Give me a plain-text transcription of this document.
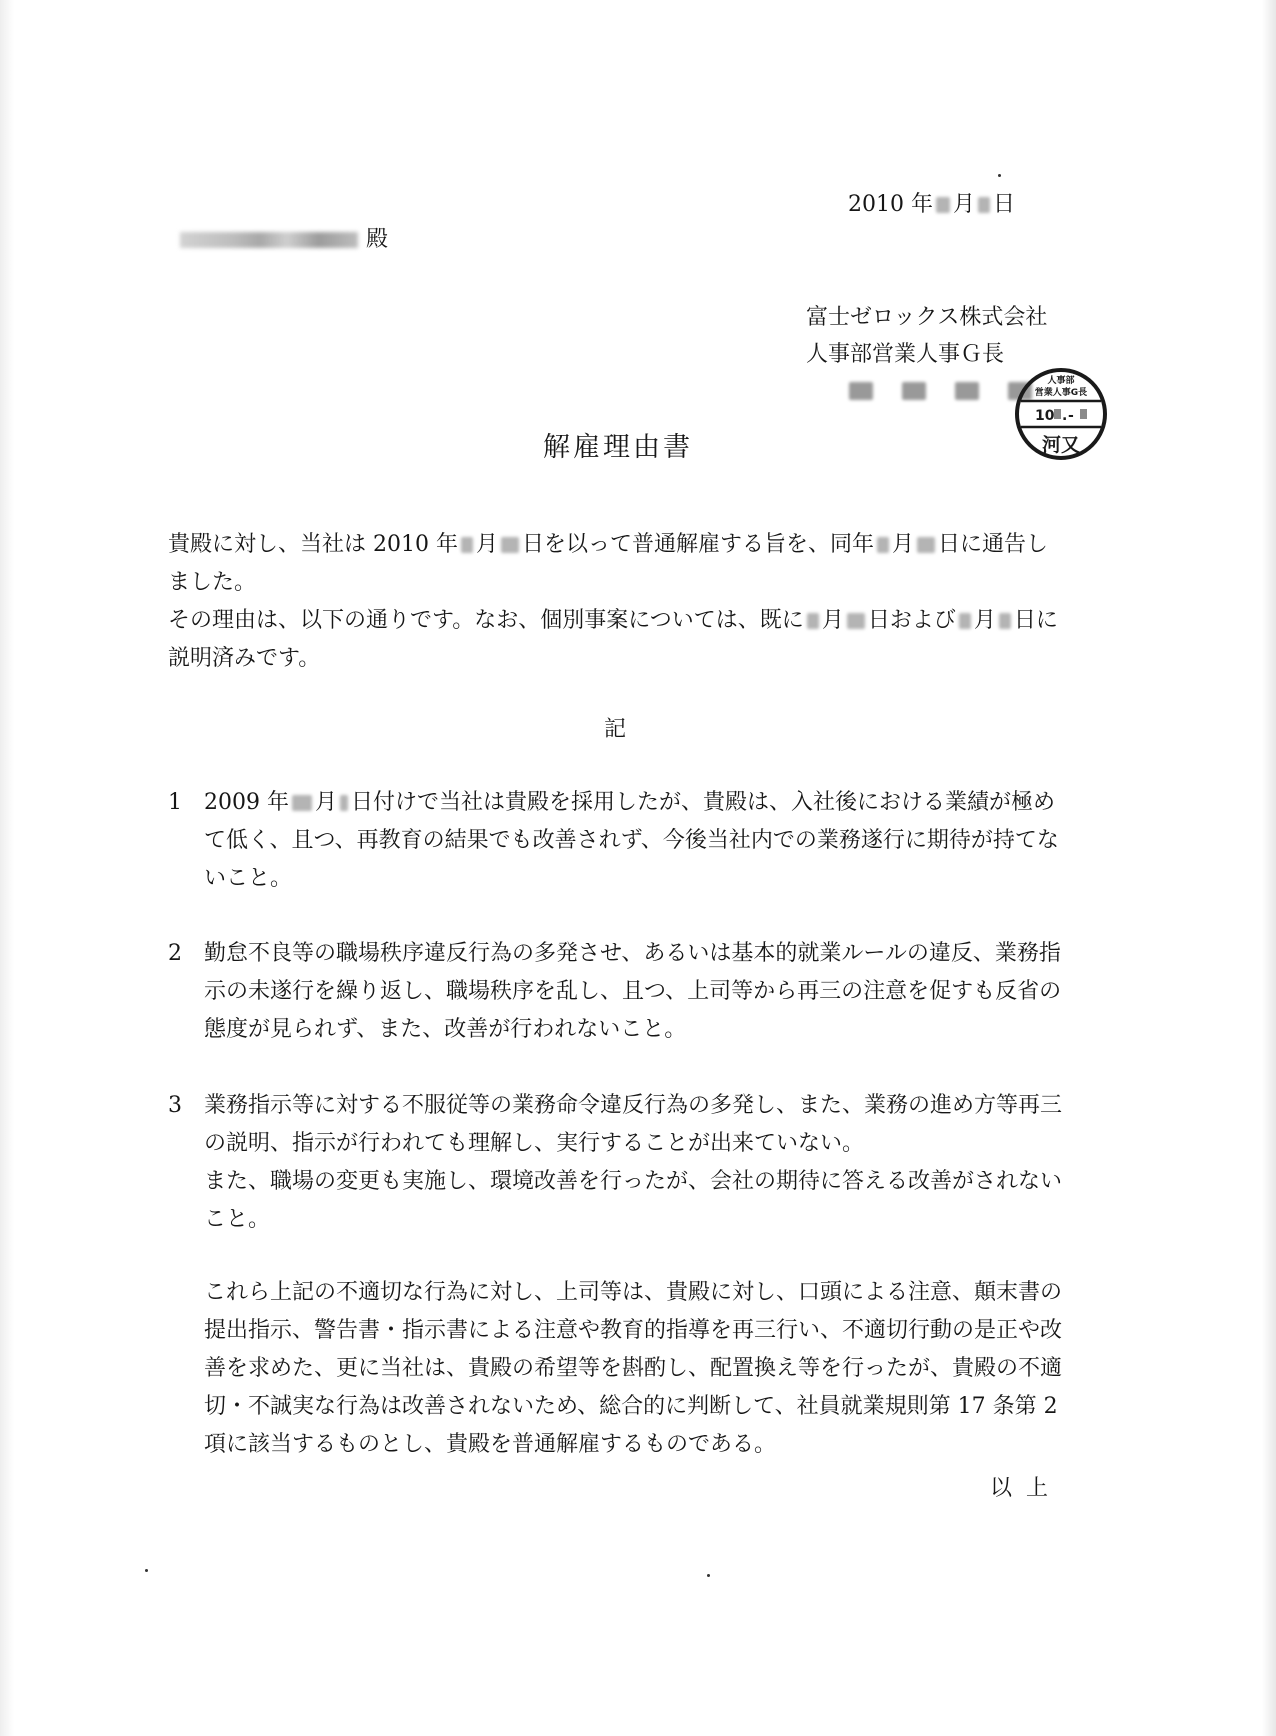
2010 年 月 日
殿
富士ゼロックス株式会社
人事部営業人事Ｇ長
人事部
営業人事G長
10 . -
河又
解雇理由書
貴殿に対し、当社は 2010 年 月 日を以って普通解雇する旨を、同年 月 日に通告しました。
その理由は、以下の通りです。なお、個別事案については、既に 月 日および 月 日に説明済みです。
記
1 2009 年 月 日付けで当社は貴殿を採用したが、貴殿は、入社後における業績が極めて低く、且つ、再教育の結果でも改善されず、今後当社内での業務遂行に期待が持てないこと。
2 勤怠不良等の職場秩序違反行為の多発させ、あるいは基本的就業ルールの違反、業務指示の未遂行を繰り返し、職場秩序を乱し、且つ、上司等から再三の注意を促すも反省の態度が見られず、また、改善が行われないこと。
3 業務指示等に対する不服従等の業務命令違反行為の多発し、また、業務の進め方等再三の説明、指示が行われても理解し、実行することが出来ていない。
また、職場の変更も実施し、環境改善を行ったが、会社の期待に答える改善がされないこと。
これら上記の不適切な行為に対し、上司等は、貴殿に対し、口頭による注意、顛末書の提出指示、警告書・指示書による注意や教育的指導を再三行い、不適切行動の是正や改善を求めた、更に当社は、貴殿の希望等を斟酌し、配置換え等を行ったが、貴殿の不適切・不誠実な行為は改善されないため、総合的に判断して、社員就業規則第 17 条第 2 項に該当するものとし、貴殿を普通解雇するものである。
以上
